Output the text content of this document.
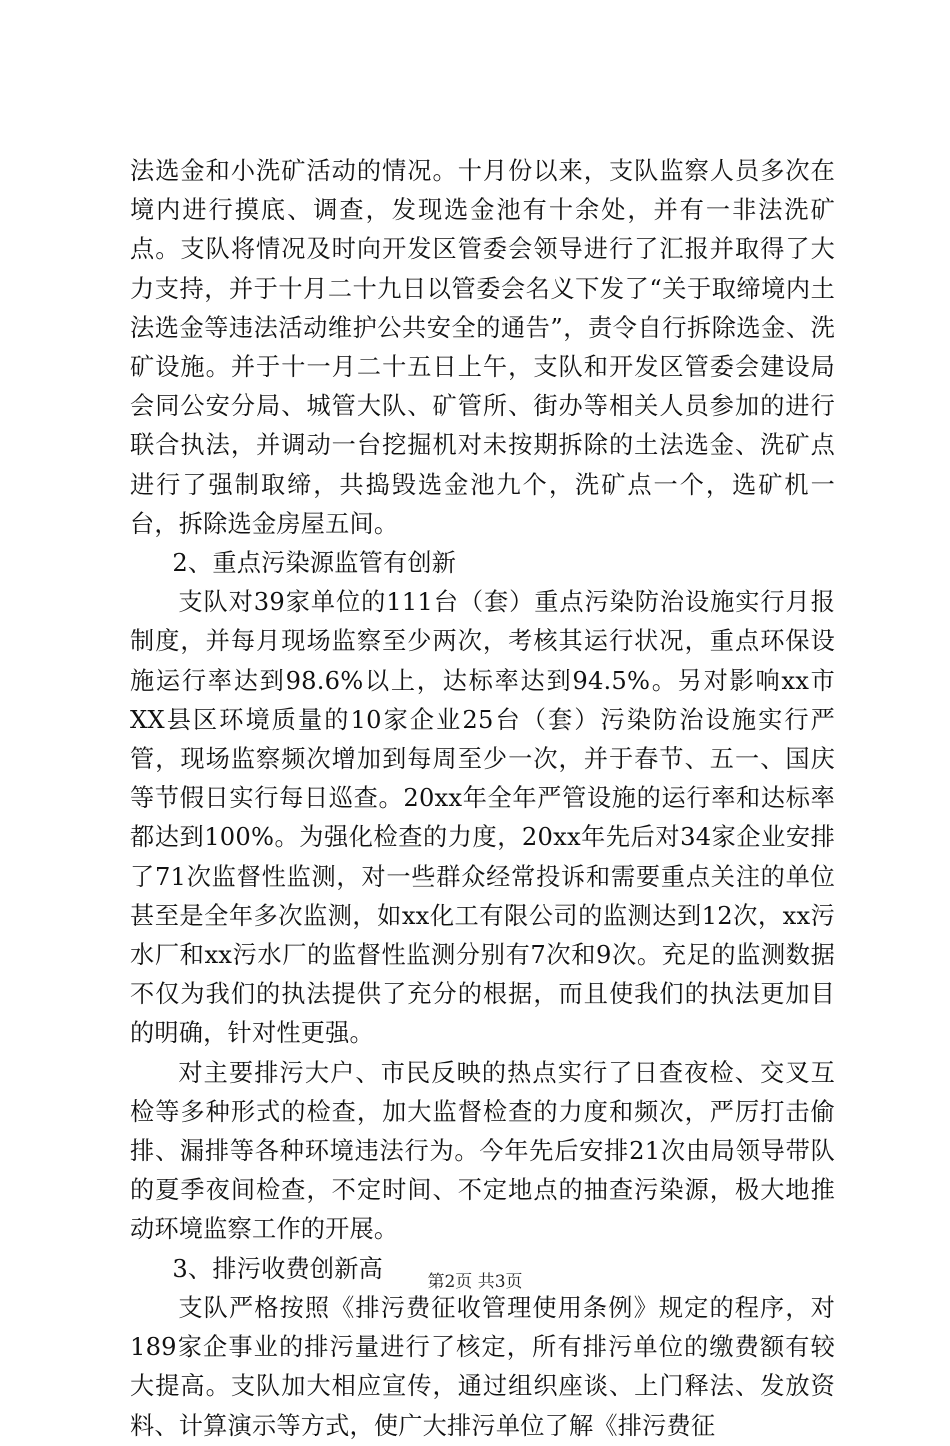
法选金和小洗矿活动的情况。十月份以来，支队监察人员多次在境内进行摸底、调查，发现选金池有十余处，并有一非法洗矿点。支队将情况及时向开发区管委会领导进行了汇报并取得了大力支持，并于十月二十九日以管委会名义下发了“关于取缔境内土法选金等违法活动维护公共安全的通告”，责令自行拆除选金、洗矿设施。并于十一月二十五日上午，支队和开发区管委会建设局会同公安分局、城管大队、矿管所、街办等相关人员参加的进行联合执法，并调动一台挖掘机对未按期拆除的土法选金、洗矿点进行了强制取缔，共捣毁选金池九个，洗矿点一个，选矿机一台，拆除选金房屋五间。

2、重点污染源监管有创新

支队对39家单位的111台（套）重点污染防治设施实行月报制度，并每月现场监察至少两次，考核其运行状况，重点环保设施运行率达到98.6%以上，达标率达到94.5%。另对影响xx市XX县区环境质量的10家企业25台（套）污染防治设施实行严管，现场监察频次增加到每周至少一次，并于春节、五一、国庆等节假日实行每日巡查。20xx年全年严管设施的运行率和达标率都达到100%。为强化检查的力度，20xx年先后对34家企业安排了71次监督性监测，对一些群众经常投诉和需要重点关注的单位甚至是全年多次监测，如xx化工有限公司的监测达到12次，xx污水厂和xx污水厂的监督性监测分别有7次和9次。充足的监测数据不仅为我们的执法提供了充分的根据，而且使我们的执法更加目的明确，针对性更强。

对主要排污大户、市民反映的热点实行了日查夜检、交叉互检等多种形式的检查，加大监督检查的力度和频次，严厉打击偷排、漏排等各种环境违法行为。今年先后安排21次由局领导带队的夏季夜间检查，不定时间、不定地点的抽查污染源，极大地推动环境监察工作的开展。

3、排污收费创新高

支队严格按照《排污费征收管理使用条例》规定的程序，对189家企事业的排污量进行了核定，所有排污单位的缴费额有较大提高。支队加大相应宣传，通过组织座谈、上门释法、发放资料、计算演示等方式，使广大排污单位了解《排污费征

第2页 共3页
